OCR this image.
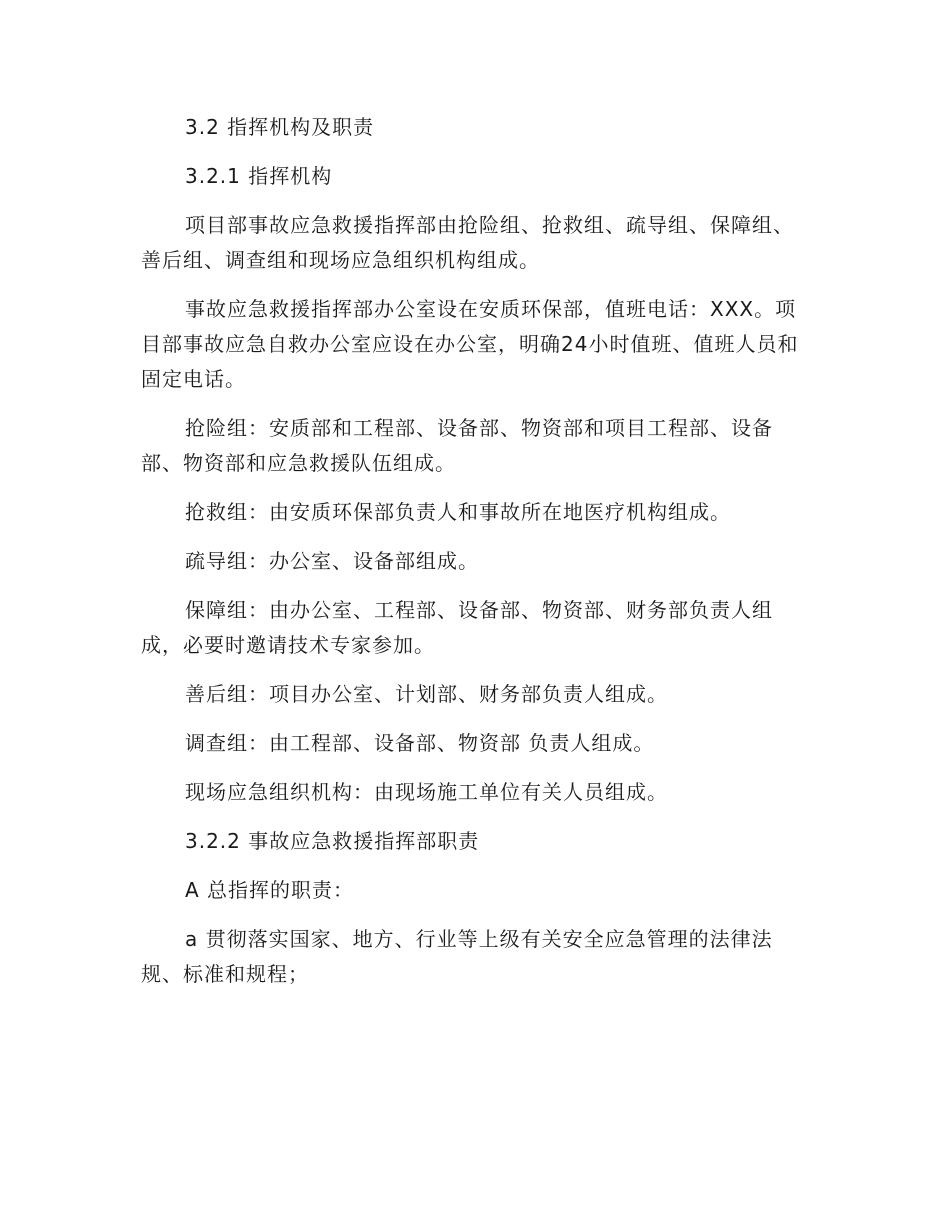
3.2 指挥机构及职责

3.2.1 指挥机构

项目部事故应急救援指挥部由抢险组、抢救组、疏导组、保障组、善后组、调查组和现场应急组织机构组成。

事故应急救援指挥部办公室设在安质环保部，值班电话：XXX。项目部事故应急自救办公室应设在办公室，明确24小时值班、值班人员和固定电话。

抢险组：安质部和工程部、设备部、物资部和项目工程部、设备部、物资部和应急救援队伍组成。

抢救组：由安质环保部负责人和事故所在地医疗机构组成。

疏导组：办公室、设备部组成。

保障组：由办公室、工程部、设备部、物资部、财务部负责人组成，必要时邀请技术专家参加。

善后组：项目办公室、计划部、财务部负责人组成。

调查组：由工程部、设备部、物资部 负责人组成。

现场应急组织机构：由现场施工单位有关人员组成。

3.2.2 事故应急救援指挥部职责

A 总指挥的职责：

a 贯彻落实国家、地方、行业等上级有关安全应急管理的法律法规、标准和规程；
